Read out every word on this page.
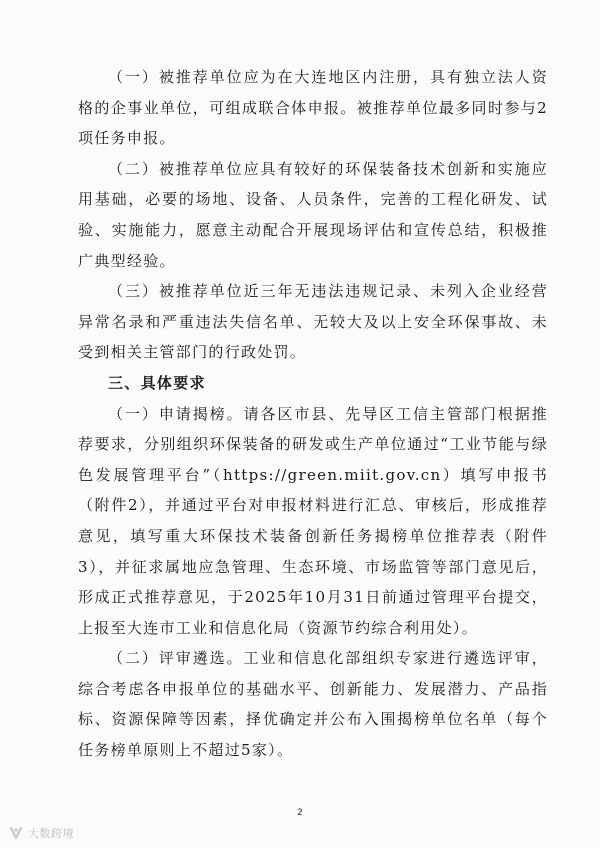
（一）被推荐单位应为在大连地区内注册，具有独立法人资格的企事业单位，可组成联合体申报。被推荐单位最多同时参与2项任务申报。

（二）被推荐单位应具有较好的环保装备技术创新和实施应用基础，必要的场地、设备、人员条件，完善的工程化研发、试验、实施能力，愿意主动配合开展现场评估和宣传总结，积极推广典型经验。

（三）被推荐单位近三年无违法违规记录、未列入企业经营异常名录和严重违法失信名单、无较大及以上安全环保事故、未受到相关主管部门的行政处罚。

三、具体要求

（一）申请揭榜。请各区市县、先导区工信主管部门根据推荐要求，分别组织环保装备的研发或生产单位通过“工业节能与绿色发展管理平台”（https://green.miit.gov.cn）填写申报书（附件2），并通过平台对申报材料进行汇总、审核后，形成推荐意见，填写重大环保技术装备创新任务揭榜单位推荐表（附件3），并征求属地应急管理、生态环境、市场监管等部门意见后，形成正式推荐意见，于2025年10月31日前通过管理平台提交，上报至大连市工业和信息化局（资源节约综合利用处）。

（二）评审遴选。工业和信息化部组织专家进行遴选评审，综合考虑各申报单位的基础水平、创新能力、发展潜力、产品指标、资源保障等因素，择优确定并公布入围揭榜单位名单（每个任务榜单原则上不超过5家）。

2
大数跨境
